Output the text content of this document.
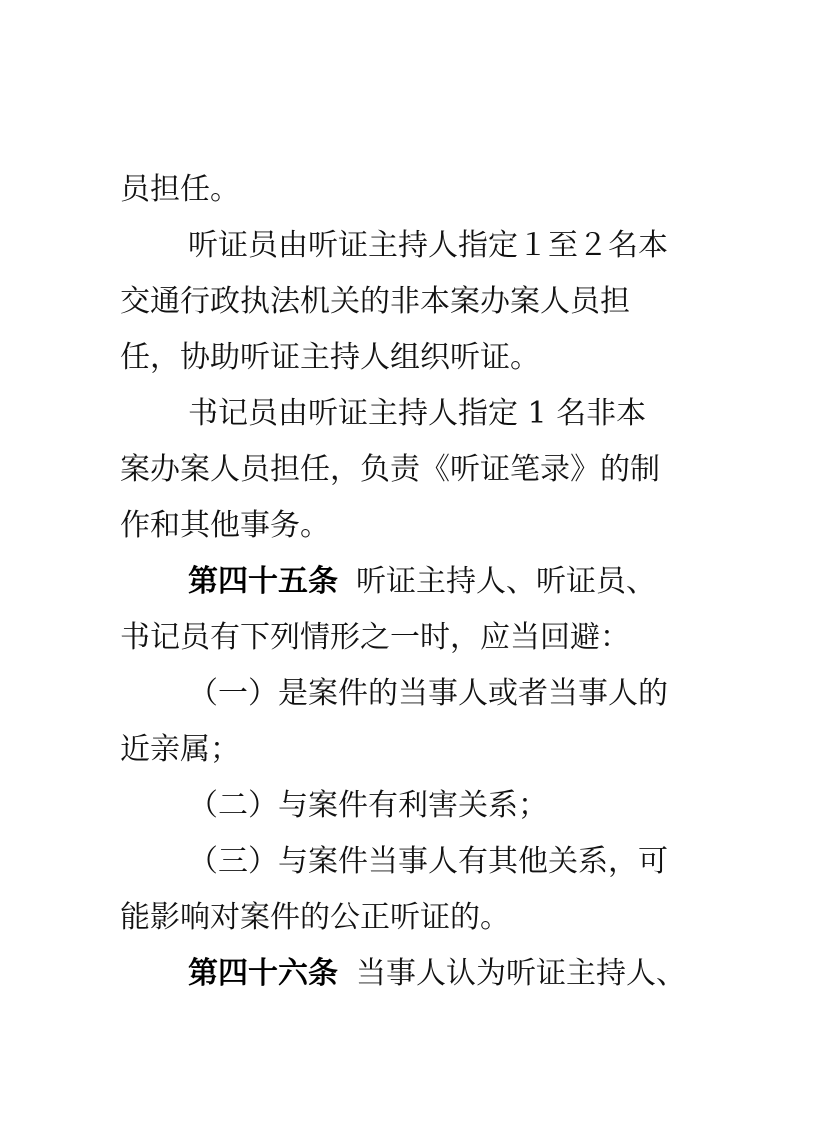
员担任。
听证员由听证主持人指定１至２名本
交通行政执法机关的非本案办案人员担
任，协助听证主持人组织听证。
书记员由听证主持人指定 1 名非本
案办案人员担任，负责《听证笔录》的制
作和其他事务。
第四十五条 听证主持人、听证员、
书记员有下列情形之一时，应当回避：
（一）是案件的当事人或者当事人的
近亲属；
（二）与案件有利害关系；
（三）与案件当事人有其他关系，可
能影响对案件的公正听证的。
第四十六条 当事人认为听证主持人、
